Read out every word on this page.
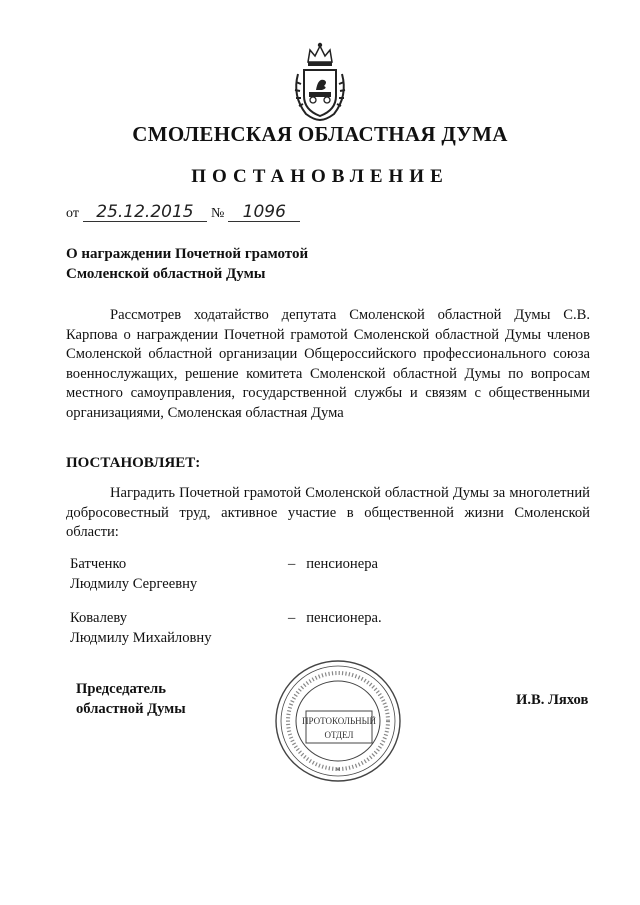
СМОЛЕНСКАЯ ОБЛАСТНАЯ ДУМА
ПОСТАНОВЛЕНИЕ
от	25.12.2015	№	1096
О награждении Почетной грамотой
Смоленской областной Думы
Рассмотрев ходатайство депутата Смоленской областной Думы С.В. Карпова о награждении Почетной грамотой Смоленской областной Думы членов Смоленской областной организации Общероссийского профессионального союза военнослужащих, решение комитета Смоленской областной Думы по вопросам местного самоуправления, государственной службы и связям с общественными организациями, Смоленская областная Дума
ПОСТАНОВЛЯЕТ:
Наградить Почетной грамотой Смоленской областной Думы за многолетний добросовестный труд, активное участие в общественной жизни Смоленской области:
Батченко
Людмилу Сергеевну
– пенсионера
Ковалеву
Людмилу Михайловну
– пенсионера.
Председатель
областной Думы
И.В. Ляхов
ПРОТОКОЛЬНЫЙ
ОТДЕЛ
*
